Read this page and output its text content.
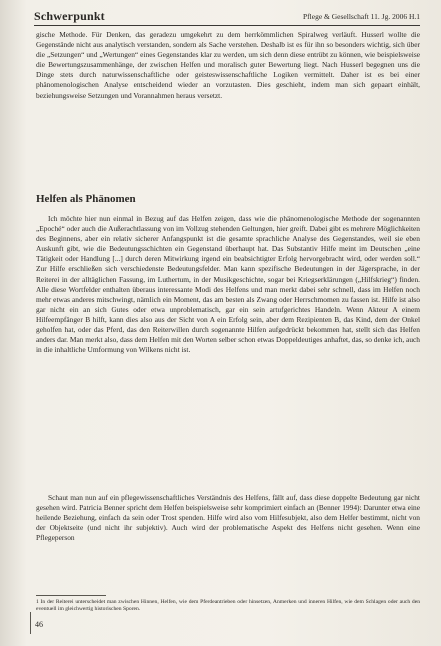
Schwerpunkt	Pflege & Gesellschaft 11. Jg. 2006 H.1

gische Methode. Für Denken, das geradezu umgekehrt zu dem herrkömmlichen Spiralweg verläuft. Husserl wollte die Gegenstände nicht aus analytisch verstanden, sondern als Sache verstehen. Deshalb ist es für ihn so besonders wichtig, sich über die „Setzungen“ und „Wertungen“ eines Gegenstandes klar zu werden, um sich denn diese entrübt zu können, wie beispielsweise die Bewertungszusammenhänge, der zwischen Helfen und moralisch guter Bewertung liegt. Nach Husserl begegnen uns die Dinge stets durch naturwissenschaftliche oder geisteswissenschaftliche Logiken vermittelt. Daher ist es bei einer phänomenologischen Analyse entscheidend wieder an vorzutasten. Dies geschieht, indem man sich gepaart einhält, beziehungsweise Setzungen und Vorannahmen heraus versetzt.

Helfen als Phänomen

Ich möchte hier nun einmal in Bezug auf das Helfen zeigen, dass wie die phänomenologische Methode der sogenannten „Epoché“ oder auch die Außerachtlassung von im Vollzug stehenden Geltungen, hier greift. Dabei gibt es mehrere Möglichkeiten des Beginnens, aber ein relativ sicherer Anfangspunkt ist die gesamte sprachliche Analyse des Gegenstandes, weil sie eben Auskunft gibt, wie die Bedeutungsschichten ein Gegenstand überhaupt hat. Das Substantiv Hilfe meint im Deutschen „eine Tätigkeit oder Handlung [...] durch deren Mitwirkung irgend ein beabsichtigter Erfolg hervorgebracht wird, oder werden soll.“ Zur Hilfe erschließen sich verschiedenste Bedeutungsfelder. Man kann spezifische Bedeutungen in der Jägersprache, in der Reiterei in der alltäglichen Fassung, im Luthertum, in der Musikgeschichte, sogar bei Kriegserklärungen („Hilfskrieg“) finden. Alle diese Wortfelder enthalten überaus interessante Modi des Helfens und man merkt dabei sehr schnell, dass im Helfen noch mehr etwas anderes mitschwingt, nämlich ein Moment, das am besten als Zwang oder Herrschmomen zu fassen ist. Hilfe ist also gar nicht ein an sich Gutes oder etwa unproblematisch, gar ein sein artufgerichtes Handeln. Wenn Akteur A einem Hilfeempfänger B hilft, kann dies also aus der Sicht von A ein Erfolg sein, aber dem Rezipienten B, das Kind, dem der Onkel geholfen hat, oder das Pferd, das den Reiterwillen durch sogenannte Hilfen aufgedrückt bekommen hat, stellt sich das Helfen anders dar. Man merkt also, dass dem Helfen mit den Worten selber schon etwas Doppeldeutiges anhaftet, das, so denke ich, auch in die inhaltliche Umformung von Wilkens nicht ist.

Schaut man nun auf ein pflegewissenschaftliches Verständnis des Helfens, fällt auf, dass diese doppelte Bedeutung gar nicht gesehen wird. Patricia Benner spricht dem Helfen beispielsweise sehr komprimiert einfach an (Benner 1994): Darunter etwa eine heilende Beziehung, einfach da sein oder Trost spenden. Hilfe wird also vom Hilfesubjekt, also dem Helfer bestimmt, nicht von der Objektseite (und nicht ihr subjektiv). Auch wird der problematische Aspekt des Helfens nicht gesehen. Wenn eine Pflegeperson

1 In der Reiterei unterscheidet man zwischen Hinnen, Helfen, wie dem Pferdeantrieben oder hinsetzen, Anmerken und inneren Hilfen, wie dem Schlagen oder auch den eventuell im gleichwertig historischen Sporen.

46
